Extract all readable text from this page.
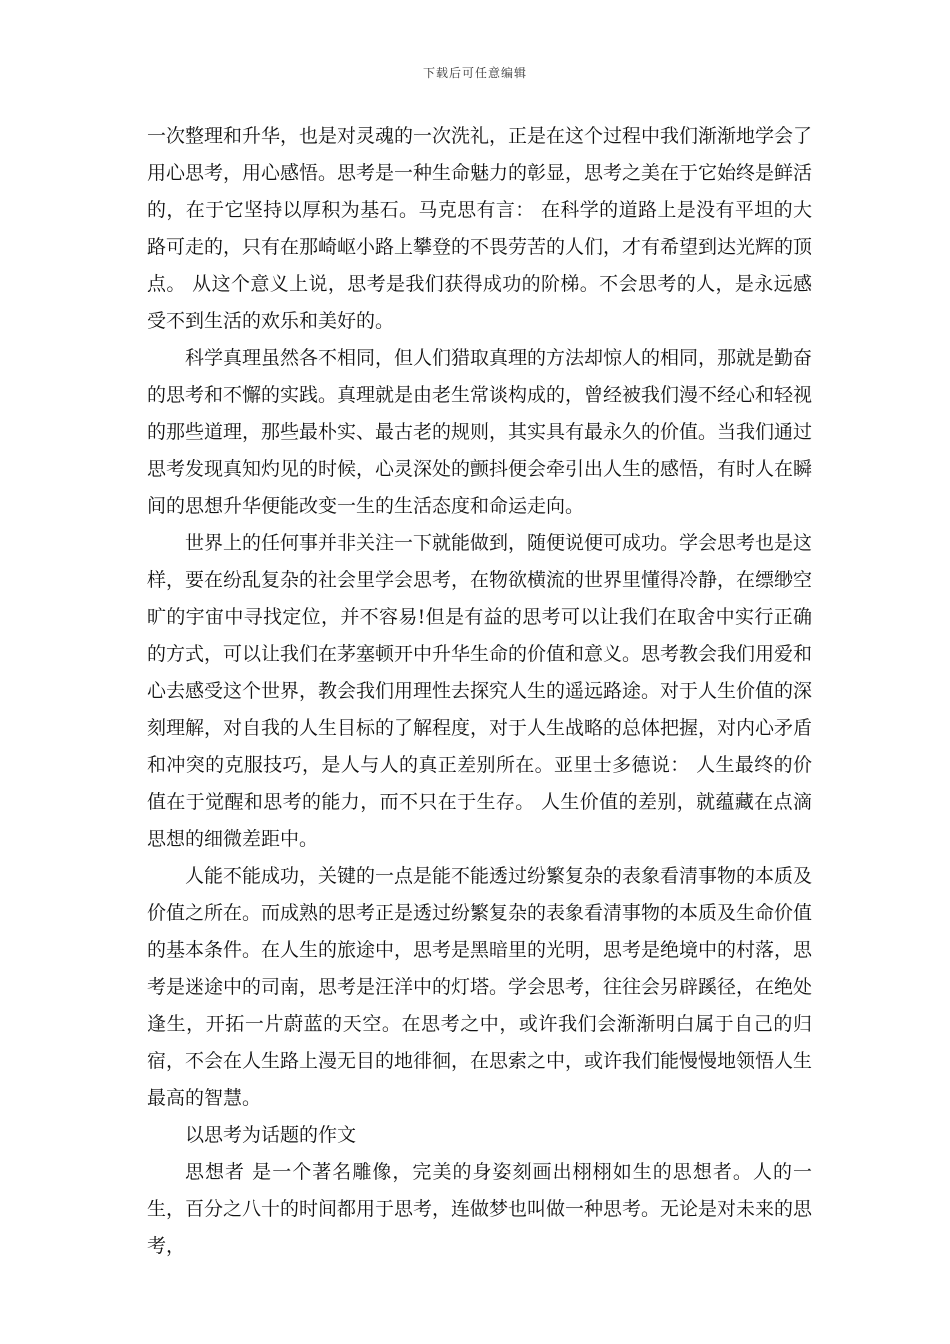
下载后可任意编辑

一次整理和升华，也是对灵魂的一次洗礼，正是在这个过程中我们渐渐地学会了用心思考，用心感悟。思考是一种生命魅力的彰显，思考之美在于它始终是鲜活的，在于它坚持以厚积为基石。马克思有言： 在科学的道路上是没有平坦的大路可走的，只有在那崎岖小路上攀登的不畏劳苦的人们，才有希望到达光辉的顶点。 从这个意义上说，思考是我们获得成功的阶梯。不会思考的人，是永远感受不到生活的欢乐和美好的。

科学真理虽然各不相同，但人们猎取真理的方法却惊人的相同，那就是勤奋的思考和不懈的实践。真理就是由老生常谈构成的，曾经被我们漫不经心和轻视的那些道理，那些最朴实、最古老的规则，其实具有最永久的价值。当我们通过思考发现真知灼见的时候，心灵深处的颤抖便会牵引出人生的感悟，有时人在瞬间的思想升华便能改变一生的生活态度和命运走向。

世界上的任何事并非关注一下就能做到，随便说便可成功。学会思考也是这样，要在纷乱复杂的社会里学会思考，在物欲横流的世界里懂得冷静，在缥缈空旷的宇宙中寻找定位，并不容易!但是有益的思考可以让我们在取舍中实行正确的方式，可以让我们在茅塞顿开中升华生命的价值和意义。思考教会我们用爱和心去感受这个世界，教会我们用理性去探究人生的遥远路途。对于人生价值的深刻理解，对自我的人生目标的了解程度，对于人生战略的总体把握，对内心矛盾和冲突的克服技巧，是人与人的真正差别所在。亚里士多德说： 人生最终的价值在于觉醒和思考的能力，而不只在于生存。 人生价值的差别，就蕴藏在点滴思想的细微差距中。

人能不能成功，关键的一点是能不能透过纷繁复杂的表象看清事物的本质及价值之所在。而成熟的思考正是透过纷繁复杂的表象看清事物的本质及生命价值的基本条件。在人生的旅途中，思考是黑暗里的光明，思考是绝境中的村落，思考是迷途中的司南，思考是汪洋中的灯塔。学会思考，往往会另辟蹊径，在绝处逢生，开拓一片蔚蓝的天空。在思考之中，或许我们会渐渐明白属于自己的归宿，不会在人生路上漫无目的地徘徊，在思索之中，或许我们能慢慢地领悟人生最高的智慧。

以思考为话题的作文

思想者 是一个著名雕像，完美的身姿刻画出栩栩如生的思想者。人的一生，百分之八十的时间都用于思考，连做梦也叫做一种思考。无论是对未来的思考，
